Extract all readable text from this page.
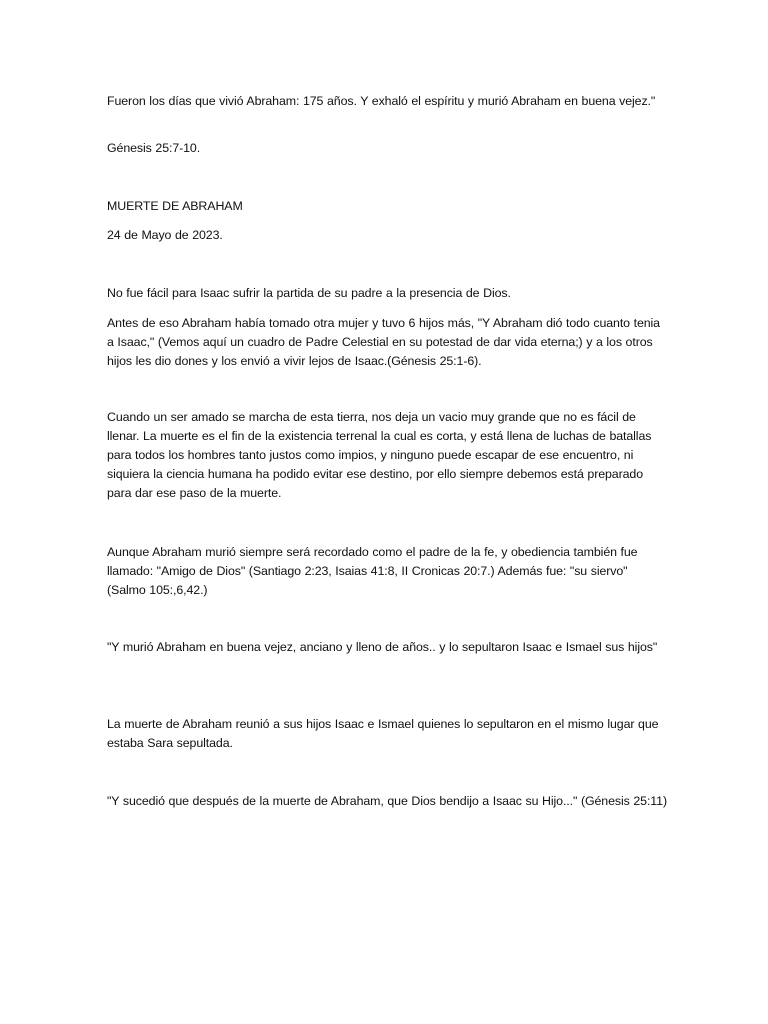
Fueron los días que vivió Abraham: 175 años. Y exhaló el espíritu y murió Abraham en buena vejez."

Génesis 25:7-10.

MUERTE DE ABRAHAM

24 de Mayo de 2023.

No fue fácil para Isaac sufrir la partida de su padre a la presencia de Dios.

Antes de eso Abraham había tomado otra mujer y tuvo 6 hijos más, "Y Abraham dió todo cuanto tenia a Isaac," (Vemos aquí un cuadro de Padre Celestial en su potestad de dar vida eterna;) y a los otros hijos les dio dones y los envió a vivir lejos de Isaac.(Génesis 25:1-6).

Cuando un ser amado se marcha de esta tierra, nos deja un vacio muy grande que no es fácil de llenar. La muerte es el fin de la existencia terrenal la cual es corta, y está llena de luchas de batallas para todos los hombres tanto justos como impios, y ninguno puede escapar de ese encuentro, ni siquiera la ciencia humana ha podido evitar ese destino, por ello siempre debemos está preparado para dar ese paso de la muerte.

Aunque Abraham murió siempre será recordado como el padre de la fe, y obediencia también fue llamado: "Amigo de Dios" (Santiago 2:23, Isaias 41:8, II Cronicas 20:7.) Además fue: "su siervo" (Salmo 105:,6,42.)

"Y murió Abraham en buena vejez, anciano y lleno de años.. y lo sepultaron Isaac e Ismael sus hijos"

La muerte de Abraham reunió a sus hijos Isaac e Ismael quienes lo sepultaron en el mismo lugar que estaba Sara sepultada.

"Y sucedió que después de la muerte de Abraham, que Dios bendijo a Isaac su Hijo..." (Génesis 25:11)
